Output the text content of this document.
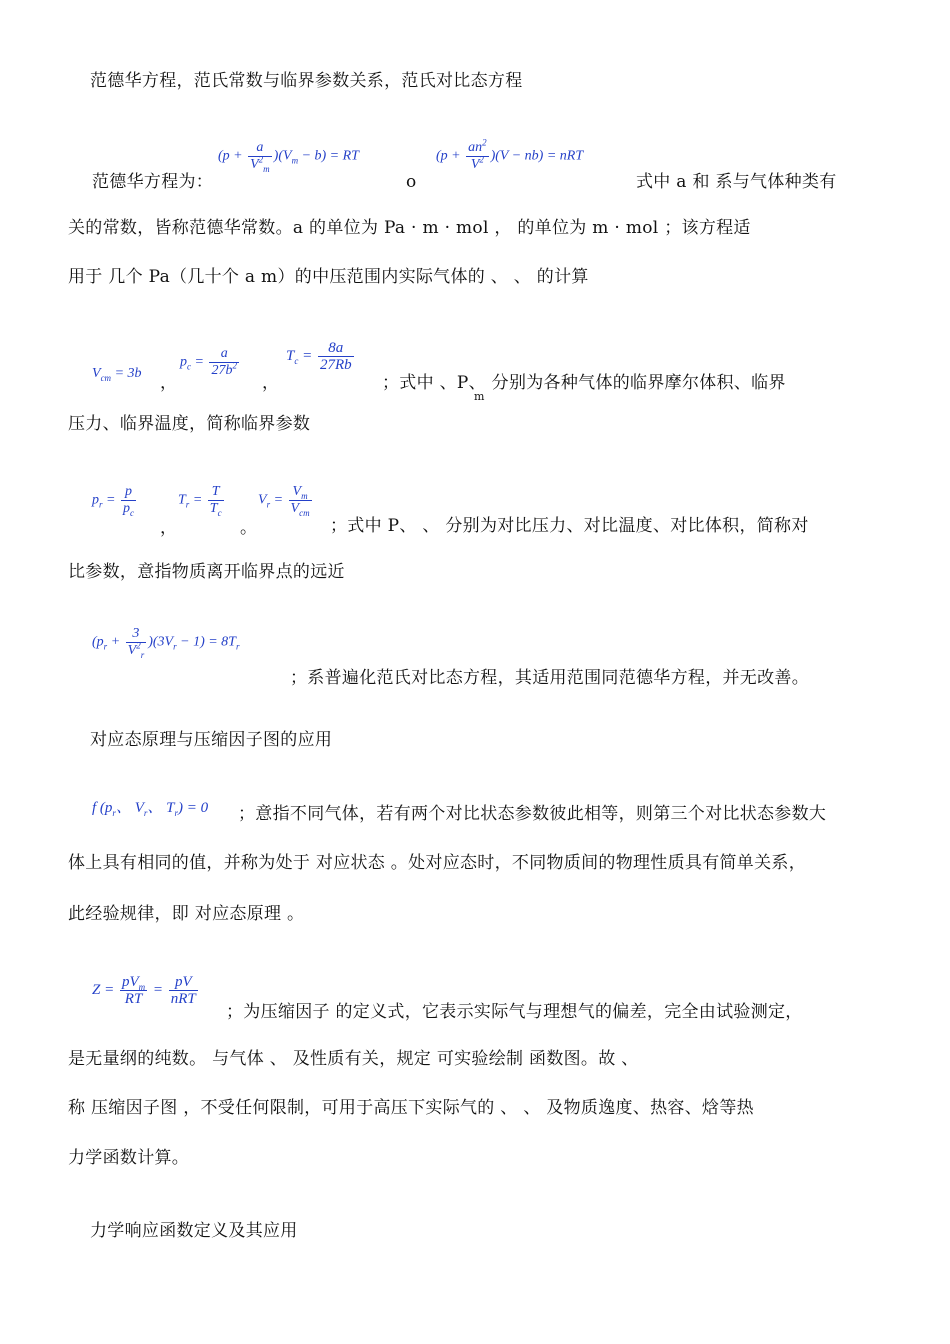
范德华方程，范氏常数与临界参数关系，范氏对比态方程
$(p + \frac{a}{V^2_m} )(V_m - b)$ = RT	$(p + \frac{an^2}{V^2} )(V - nb)$ = nRT
范德华方程为：	o	式中 a 和 系与气体种类有
关的常数，皆称范德华常数。a 的单位为 Pa · m · mol ， 的单位为 m · mol ；该方程适
用于 几个 Pa（几十个 a m）的中压范围内实际气体的 、 、 的计算
$V_{cm} = 3b$ ，
$p_c = \frac{a}{27b^2}$
，
$T_c = \frac{8a}{27Rb}$
；式中 、P、 分别为各种气体的临界摩尔体积、临界
m
压力、临界温度，简称临界参数
$p_r = \frac{p}{p_c}$
，
$T_r = \frac{T}{T_c}$
。
$V_r = \frac{V_m}{V_{cm}}$
；式中 P、 、 分别为对比压力、对比温度、对比体积，简称对
比参数，意指物质离开临界点的远近
$(p_r + \frac{3}{V^2_r} )(3V_r - 1) = 8T_r$
；系普遍化范氏对比态方程，其适用范围同范德华方程，并无改善。
对应态原理与压缩因子图的应用
f ($p_r$、 $V_r$、 $T_r) = 0$ ；意指不同气体，若有两个对比状态参数彼此相等，则第三个对比状态参数大
体上具有相同的值，并称为处于 对应状态 。处对应态时，不同物质间的物理性质具有简单关系，
此经验规律，即 对应态原理 。
$Z = \frac{pV_m}{RT} = \frac{pV}{\text{nRT}}$
；为压缩因子 的定义式，它表示实际气与理想气的偏差，完全由试验测定，
是无量纲的纯数。 与气体 、 及性质有关，规定 可实验绘制 函数图。故 、
称 压缩因子图 ，不受任何限制，可用于高压下实际气的 、 、 及物质逸度、热容、焓等热
力学函数计算。
力学响应函数定义及其应用
